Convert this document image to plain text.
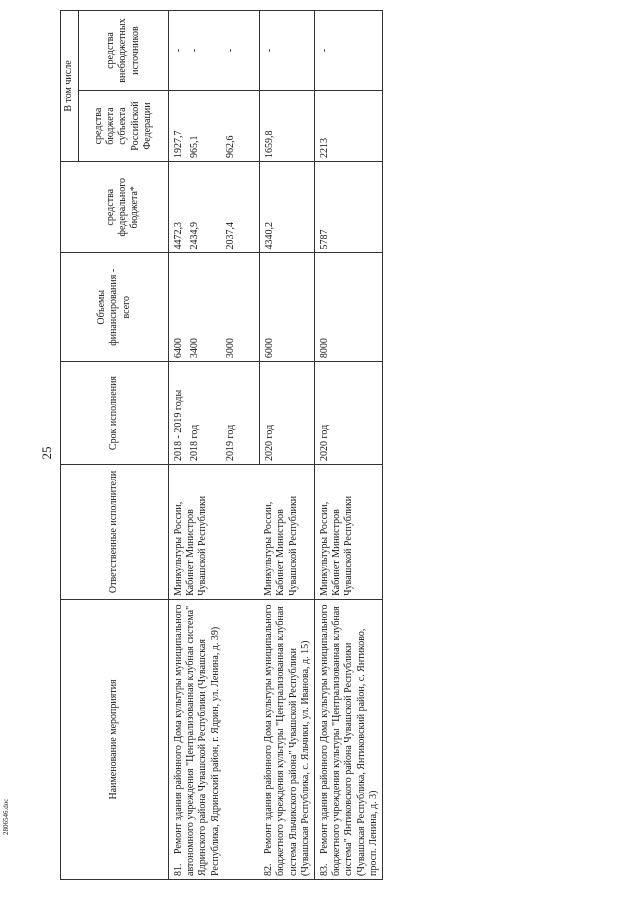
25
2806546.doc
Наименование мероприятия	Ответственные исполнители	Срок исполнения	Объемы финансирования - всего		В том числе	
				средства федерального бюджета*	средства бюджета субъекта Российской Федерации	средства внебюджетных источников
81.Ремонт здания районного Дома культуры муниципального автономного учреждения "Централизованная клубная система" Ядринского района Чувашской Республики (Чувашская Республика, Ядринский район, г. Ядрин, ул. Ленина, д. 39)	Минкультуры России, Кабинет Министров Чувашской Республики	2018 - 2019 годы	6400	4472,3	1927,7	-
		2018 год	3400	2434,9	965,1	-
		2019 год	3000	2037,4	962,6	-
82.Ремонт здания районного Дома культуры муниципального бюджетного учреждения культуры "Централизованная клубная система Яльчикского района" Чувашской Республики (Чувашская Республика, с. Яльчики, ул. Иванова, д. 15)	Минкультуры России, Кабинет Министров Чувашской Республики	2020 год	6000	4340,2	1659,8	-
83.Ремонт здания районного Дома культуры муниципального бюджетного учреждения культуры "Централизованная клубная система" Янтиковского района Чувашской Республики (Чувашская Республика, Янтиковский район, с. Янтиково, просп. Ленина, д. 3)	Минкультуры России, Кабинет Министров Чувашской Республики	2020 год	8000	5787	2213	-
